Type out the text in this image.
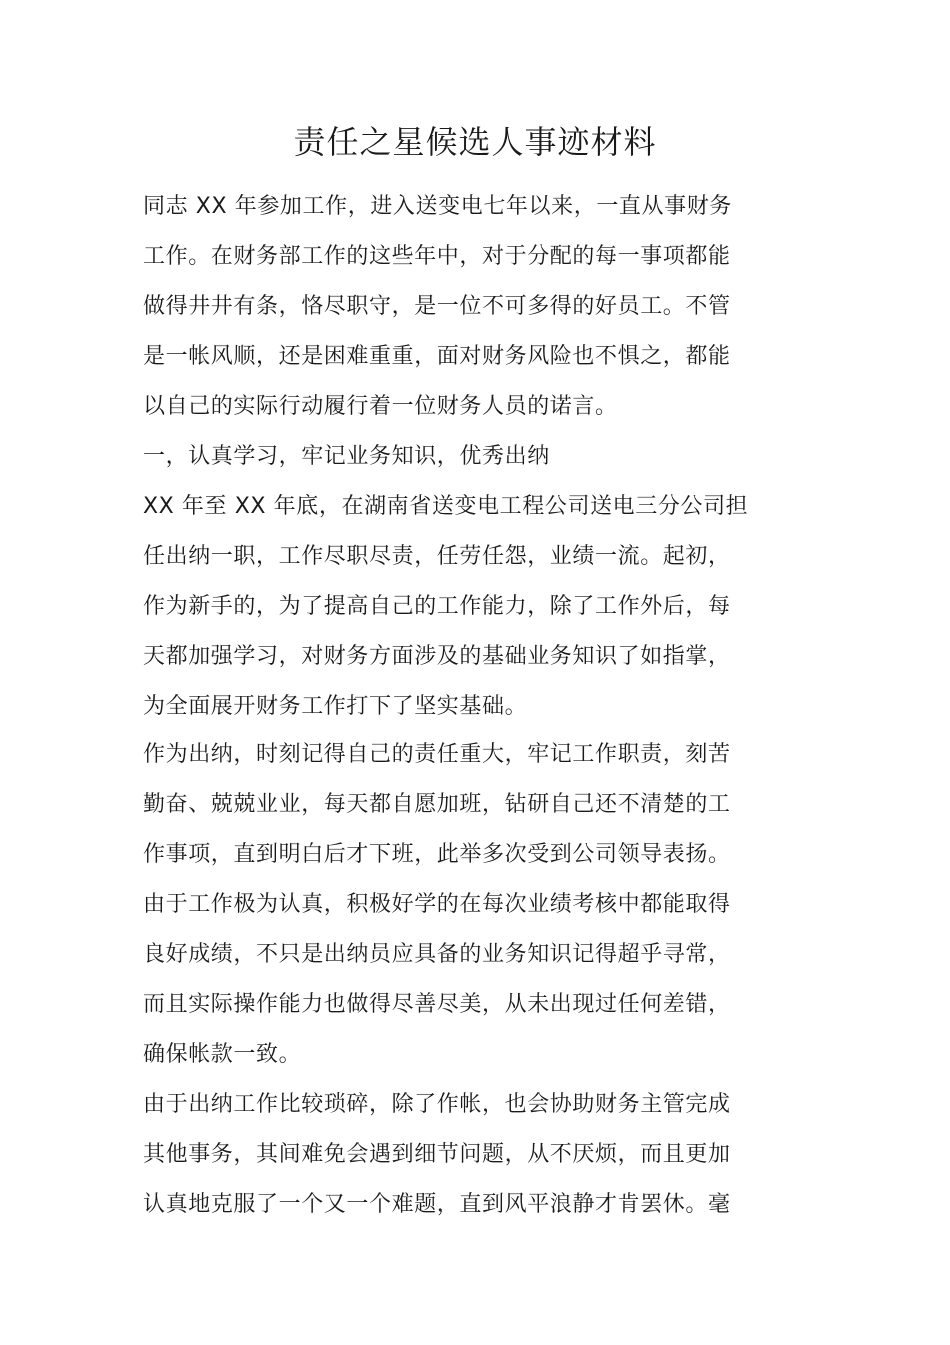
责任之星候选人事迹材料

同志 XX 年参加工作，进入送变电七年以来，一直从事财务

工作。在财务部工作的这些年中，对于分配的每一事项都能

做得井井有条，恪尽职守，是一位不可多得的好员工。不管

是一帐风顺，还是困难重重，面对财务风险也不惧之，都能

以自己的实际行动履行着一位财务人员的诺言。

一，认真学习，牢记业务知识，优秀出纳

XX 年至 XX 年底，在湖南省送变电工程公司送电三分公司担

任出纳一职，工作尽职尽责，任劳任怨，业绩一流。起初，

作为新手的，为了提高自己的工作能力，除了工作外后，每

天都加强学习，对财务方面涉及的基础业务知识了如指掌，

为全面展开财务工作打下了坚实基础。

作为出纳，时刻记得自己的责任重大，牢记工作职责，刻苦

勤奋、兢兢业业，每天都自愿加班，钻研自己还不清楚的工

作事项，直到明白后才下班，此举多次受到公司领导表扬。

由于工作极为认真，积极好学的在每次业绩考核中都能取得

良好成绩，不只是出纳员应具备的业务知识记得超乎寻常，

而且实际操作能力也做得尽善尽美，从未出现过任何差错，

确保帐款一致。

由于出纳工作比较琐碎，除了作帐，也会协助财务主管完成

其他事务，其间难免会遇到细节问题，从不厌烦，而且更加

认真地克服了一个又一个难题，直到风平浪静才肯罢休。毫
